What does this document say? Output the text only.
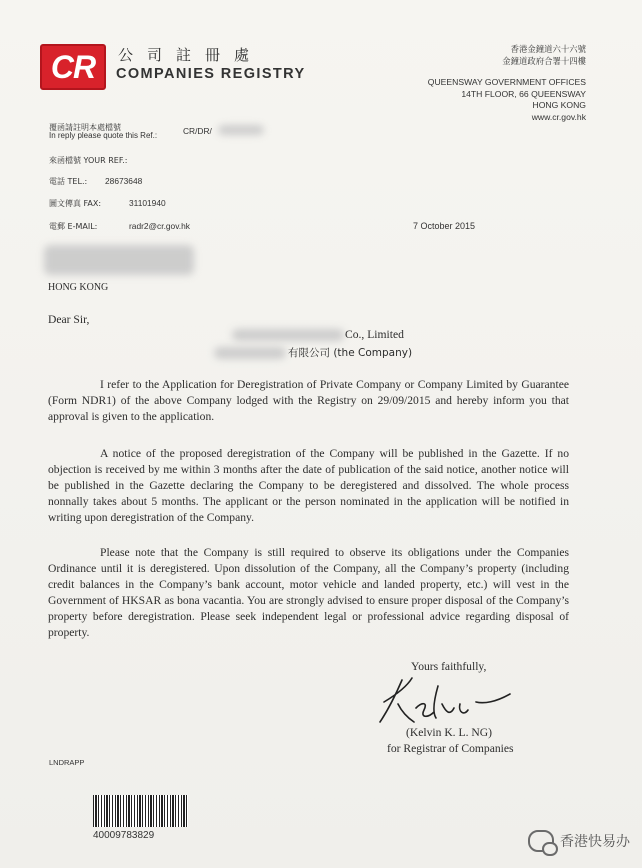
CR 公司註冊處
COMPANIES REGISTRY
香港金鐘道六十六號
金鐘道政府合署十四樓
QUEENSWAY GOVERNMENT OFFICES
14TH FLOOR, 66 QUEENSWAY
HONG KONG
www.cr.gov.hk
覆函請註明本處檔號
In reply please quote this Ref.:	CR/DR/
來函檔號 YOUR REF.:
電話 TEL.: 28673648
圖文傳真 FAX:	31101940
電郵 E-MAIL:	radr2@cr.gov.hk	7 October 2015
HONG KONG
Dear Sir,
Co., Limited
有限公司 (the Company)
I refer to the Application for Deregistration of Private Company or Company Limited by Guarantee (Form NDR1) of the above Company lodged with the Registry on 29/09/2015 and hereby inform you that approval is given to the application.
A notice of the proposed deregistration of the Company will be published in the Gazette. If no objection is received by me within 3 months after the date of publication of the said notice, another notice will be published in the Gazette declaring the Company to be deregistered and dissolved. The whole process nonnally takes about 5 months. The applicant or the person nominated in the application will be notified in writing upon deregistration of the Company.
Please note that the Company is still required to observe its obligations under the Companies Ordinance until it is deregistered. Upon dissolution of the Company, all the Company’s property (including credit balances in the Company’s bank account, motor vehicle and landed property, etc.) will vest in the Government of HKSAR as bona vacantia. You are strongly advised to ensure proper disposal of the Company’s property before deregistration. Please seek independent legal or professional advice regarding disposal of property.
Yours faithfully,
(Kelvin K. L. NG)
for Registrar of Companies
LNDRAPP
40009783829	香港快易办
